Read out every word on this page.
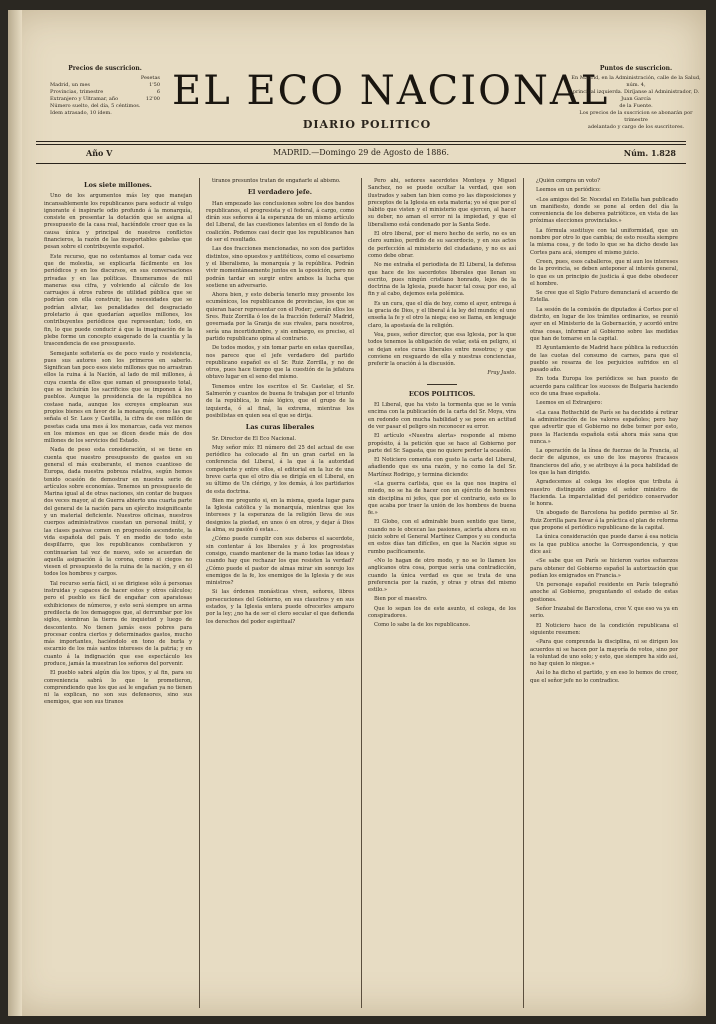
Precios de suscricion.
Pesetas
Madrid, un mes	1'50
Provincias, trimestre	6
Extranjero y Ultramar, año	12'00
Número suelto, del día, 5 céntimos.
Idem atrasado, 10 ídem.	EL ECO NACIONAL
DIARIO POLITICO
Puntos de suscricion.
En Madrid, en la Administración, calle de la Salud, núm. 4,
principal izquierda. Diríjanse al Administrador, D. Juan García
de la Fuente.
Los precios de la suscricion se abonarán por trimestre
adelantado y cargo de los suscritores.
Año V	MADRID.—Domingo 29 de Agosto de 1886.	Núm. 1.828
Los siete millones.

Uno de los argumentos más ley que manejan incansablemente los republicanos para seducir al vulgo ignorante é inspirarle odio profundo á la monarquía, consiste en presentar la dotación que se asigna al presupuesto de la casa real, haciéndole creer que es la causa única y principal de nuestros conflictos financieros, la razón de las insoportables gabelas que pesan sobre el contribuyente español.

Este recurso, que no ostentamos al tomar cada vez que de molestia, se explicarla fácilmente en los periódicos y en los discursos, en sus conversaciones privadas y en las políticas. Enumeramos de mil maneras esa cifra, y volviendo al cálculo de los carruajes á otros rubros de utilidad pública que se podrían con ella construir, las necesidades que se podrían aliviar, las penalidades del desgraciado proletario á que quedarían aquellos millones, los contribuyentes periódicos que representan; todo, en fin, lo que puede conducir á que la imaginación de la plebe forme un concepto exagerado de la cuantía y la trascendencia de ese presupuesto.

Semejante sofistería es de poco vuelo y resistencia, pues sus autores son los primeros en saberlo. Significan tan poco esos siete millones que no arrastran ellos la ruina á la Nación, al lado de mil millones, á cuya cuenta de ellos que suman el presupuesto total, que se incluirán los sacrificios que se imponen á los pueblos. Aunque la presidencia de la república no costase nada, aunque los exreyes emplearan sus propios bienes en favor de la monarquía, como las que señala el Sr. Laos y Castilla, la cifra de ese millón de pesetas cada una mes á los monarcas, cada vez menos en los mismos en que se dicen desde más de dos millones de los servicios del Estado.

Nada de peso esta consideración, si se tiene en cuenta que nuestro presupuesto de gastos en su general el más exuberante, el menos cuantioso de Europa, dada nuestra pobreza relativa, según hemos tenido ocasión de demostrar en nuestra serie de artículos sobre economías. Tenemos un presupuesto de Marina igual al de otras naciones, sin contar de buques dos veces mayor, al de Guerra abierto una cuarta parte del general de la nación para un ejército insignificante y un material deficiente. Nuestros oficinas, nuestros cuerpos administrativos cuestan un personal inútil, y las clases pasivas comen en progresión ascendente, la vida española del país. Y en medio de todo este despilfarro, que los republicanos combatieron y continuarían tal vez de nuevo, solo se acuerdan de aquella asignación á la corona, como si ciegos no viesen el presupuesto de la ruina de la nación, y en él todos los hombres y cargos.

Tal recurso sería fácil, si se dirigiese sólo á personas instruidas y capaces de hacer estos y otros cálculos; pero el pueblo es fácil de engañar con aparatosas exhibiciones de números, y esto será siempre un arma predilecta de los demagogos que, al derrumbar por los siglos, siembran la tierra de inquietud y luego de descontento. No tienen jamás esos pobres para procesar contra ciertos y determinados gastos, mucho más importantes, haciéndolo en tono de burla y escarnio de los más santos intereses de la patria; y en cuanto á la indignación que ese espectáculo les produce, jamás la muestran los señores del porvenir.

El pueblo sabrá algún día los tipos, y al fin, para su conveniencia sabrá lo que le prometieron, comprendiendo que los que así le engañan ya no tienen ni la explican, no son sus defensores, sino sus enemigos, que son sus tiranos

tiranos presuntos tratan de engañarle al abismo.

El verdadero jefe.

Han empezado las conclusiones sobre los dos bandos republicanos, el progresista y el federal, á cargo, como dirán sus señores á la esperanza de un mismo artículo del Liberal, de las cuestiones latentes en el fondo de la coalición. Podemos casi decir que los republicanos han de ser el resultado.

Las dos fracciones mencionadas, no son dos partidos distintos, sino opuestos y antitéticos, como el cesarismo y el liberalismo, la monarquía y la república. Podrán vivir momentáneamente juntos en la oposición, pero no podrán tardar en surgir entre ambos la lucha que sostiene un adversario.

Ahora bien, y esto debería tenerlo muy presente los ecuménicos, los republicanos de provincias, los que se quieran hacer representar con el Poder; ¿serán ellos los Sres. Ruiz Zorrilla ó los de la fracción federal? Madrid, governada por la Granja de sus rivales, para nosotros, sería una incertidumbre, y sin embargo, es preciso, el partido republicano opina al contrario.

De todos modos, y sin tomar parte en estas querellas, nos parece que el jefe verdadero del partido republicano español es el Sr. Ruiz Zorrilla, y no de otros, pues hace tiempo que la cuestión de la jefatura obtuvo lugar en el seno del mismo.

Tenemos entre los escritos el Sr. Castelar, el Sr. Salmerón y cuantos de buena fe trabajan por el triunfo de la república, lo más lógico, que el grupo de la izquierda, ó al final, la extrema, mientras los posibilistas en quien sea el que se dirija.

Las curas liberales

Sr. Director de El Eco Nacional.

Muy señor mío: El número del 25 del actual de ese periódico ha colocado al fin un gran cartel en la conferencia del Liberal, á la que á la autoridad competente y entre ellos, el editorial en la luz de una breve carta que el otro día se dirigía en el Liberal, en su último de Un clérigo, y los demás, á los partidarios de esta doctrina.

Bien me pregunto si, en la misma, queda lugar para la Iglesia católica y la monarquía, mientras que los intereses y la esperanza de la religión lleva de sus designios la piedad, en unos ó en otros, y dejar á Dios la alma, su pasión ó estas...

¿Cómo puede cumplir con sus deberes el sacerdote, sin contentar á los liberales y á los progresistas consigo, cuando mantener de la mano todas las ideas y cuando hay que rechazar los que resisten la verdad? ¿Cómo puede el pastor de almas mirar sin sonrojo los enemigos de la fe, los enemigos de la Iglesia y de sus ministros?

Si las órdenes monásticas viven, señores, libres persecuciones del Gobierno, en sus claustros y en sus estados, y la Iglesia entera puede ofrecerles amparo por la ley; ¿no ha de ser el clero secular el que defienda los derechos del poder espiritual?

Pero ahí, señores sacerdotes Montoya y Miguel Sanchez, no se puede ocultar la verdad, que son ilustrados y saben tan bien como yo las disposiciones y preceptos de la Iglesia en esta materia; yo sé que por el hábito que visten y el ministerio que ejercen, al hacer su deber, no aman el error ni la impiedad, y que el liberalismo está condenado por la Santa Sede.

El otro liberal, por el mero hecho de serlo, no es un clero sumiso, perdido de su sacerdocio, y en sus actos de perfección al ministerio del ciudadano, y no es así como debe obrar.

No me extraña el periodista de El Liberal, la defensa que hace de los sacerdotes liberales que llenan su escrito, pues ningún cristiano honrado, lejos de la doctrina de la Iglesia, puede hacer tal cosa; por eso, al fin y al cabo, dejemos esta polémica.

Es un cura, que el día de hoy, como el ayer, entrega á la gracia de Dios, y el liberal á la ley del mundo; el uno enseña la fe y el otro la niega; eso se llama, en lenguaje claro, la apostasía de la religión.

Vea, pues, señor director, que esa Iglesia, por la que todos tenemos la obligación de velar, está en peligro, si se dejan estos curas liberales entre nosotros; y que conviene en resguardo de ella y nuestras conciencias, preferir la oración á la discusión.

Fray Justo.
ECOS POLITICOS.

El Liberal, que ha visto la tormenta que se le venía encima con la publicación de la carta del Sr. Moya, vira en redondo con mucha habilidad y se pone en actitud de ver pasar el peligro sin reconocer su error.

El artículo «Nuestra alerta» responde al mismo propósito, á la petición que se hace al Gobierno por parte del Sr. Sagasta, que no quiere perder la ocasión.

El Noticiero comenta con gusto la carta del Liberal, añadiendo que es una razón, y no como la del Sr. Martínez Rodrigo, y termina diciendo:

«La guerra carlista, que es la que nos inspira el miedo, no se ha de hacer con un ejército de hombres sin disciplina ni jefes, que por el contrario, esto es lo que acaba por traer la unión de los hombres de buena fe.»

El Globo, con el admirable buen sentido que tiene, cuando no le obcecan las pasiones, acierta ahora en su juicio sobre el General Martínez Campos y su conducta en estos días tan difíciles, en que la Nación sigue su rumbo pacíficamente.

«No lo hagan de otro modo, y no se lo llamen los anglicanos otra cosa, porque sería una contradicción, cuando la única verdad es que se trata de una preferencia por la razón, y otras y otras del mismo estilo.»

Bien por el maestro.

Que lo sepan los de este asunto, el colega, de los conspiradores.

Como lo sabe la de los republicanos.

¿Quién compra un voto?

Leemos en un periódico:

«Los amigos del Sr. Nocedal en Estella han publicado un manifiesto, donde se pone al orden del día la conveniencia de los deberes patrióticos, en vista de las próximas elecciones provinciales.»

La fórmula sustituye con tal uniformidad, que un nombre por otro lo que cambia; de esto resulta siempre la misma cosa, y de todo lo que se ha dicho desde las Cortes para acá, siempre el mismo juicio.

Creen, pues, esos caballeros, que ni aun los intereses de la provincia, se deben anteponer al interés general, lo que es un principio de justicia á que debe obedecer el hombre.

Se cree que el Siglo Futuro denunciará el acuerdo de Estella.

La sesión de la comisión de diputados á Cortes por el distrito, en lugar de los trámites ordinarios, se reunió ayer en el Ministerio de la Gobernación, y acordó entre otras cosas, informar al Gobierno sobre las medidas que han de tomarse en la capital.

El Ayuntamiento de Madrid hace pública la reducción de las cuotas del consumo de carnes, para que el pueblo se resarza de los perjuicios sufridos en el pasado año.

En toda Europa los periódicos se han puesto de acuerdo para calificar los sucesos de Bulgaria haciendo eco de una frase española.

Leemos en el Extranjero:

«La casa Rothschild de París se ha decidido á retirar la administración de los valores españoles; pero hay que advertir que el Gobierno no debe temer por esto, pues la Hacienda española está ahora más sana que nunca.»

La operación de la línea de fuerzas de la Francia, al decir de algunos, es uno de los mayores fracasos financieros del año, y se atribuye á la poca habilidad de los que la han dirigido.

Agradecemos al colega los elogios que tributa á nuestro distinguido amigo el señor ministro de Hacienda. La imparcialidad del periódico conservador le honra.

Un abogado de Barcelona ha pedido permiso al Sr. Ruiz Zorrilla para llevar á la práctica el plan de reforma que propone el periódico republicano de la capital.

La única consideración que puede darse á esa noticia es la que publica anoche la Correspondencia, y que dice así:

«Se sabe que en París se hicieron varios esfuerzos para obtener del Gobierno español la autorización que pedían los emigrados en Francia.»

Un personaje español residente en París telegrafió anoche al Gobierno, preguntando el estado de estas gestiones.

Señor Irazabal de Barcelona, cree V. que eso va ya en serio.

El Noticiero hace de la condición republicana el siguiente resumen:

«Para que comprenda la disciplina, ni se dirigen los acuerdos ni se hacen por la mayoría de votos, sino por la voluntad de uno solo; y esto, que siempre ha sido así, no hay quien lo niegue.»

Así lo ha dicho el partido, y en eso lo hemos de creer, que el señor jefe no lo contradice.
